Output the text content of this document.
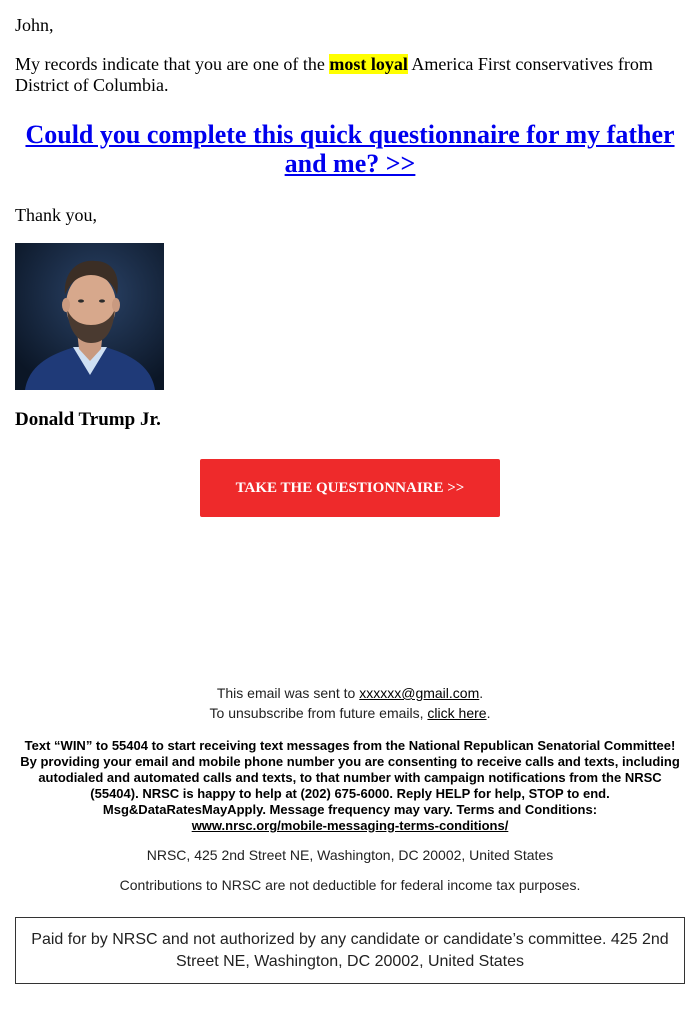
John,

My records indicate that you are one of the most loyal America First conservatives from District of Columbia.

Could you complete this quick questionnaire for my father and me? >>
Thank you,
Donald Trump Jr.
TAKE THE QUESTIONNAIRE >>
This email was sent to xxxxxx@gmail.com.
To unsubscribe from future emails, click here.
Text “WIN” to 55404 to start receiving text messages from the National Republican Senatorial Committee! By providing your email and mobile phone number you are consenting to receive calls and texts, including autodialed and automated calls and texts, to that number with campaign notifications from the NRSC (55404). NRSC is happy to help at (202) 675-6000. Reply HELP for help, STOP to end. Msg&DataRatesMayApply. Message frequency may vary. Terms and Conditions:
www.nrsc.org/mobile-messaging-terms-conditions/
NRSC, 425 2nd Street NE, Washington, DC 20002, United States
Contributions to NRSC are not deductible for federal income tax purposes.
Paid for by NRSC and not authorized by any candidate or candidate’s committee. 425 2nd Street NE, Washington, DC 20002, United States
